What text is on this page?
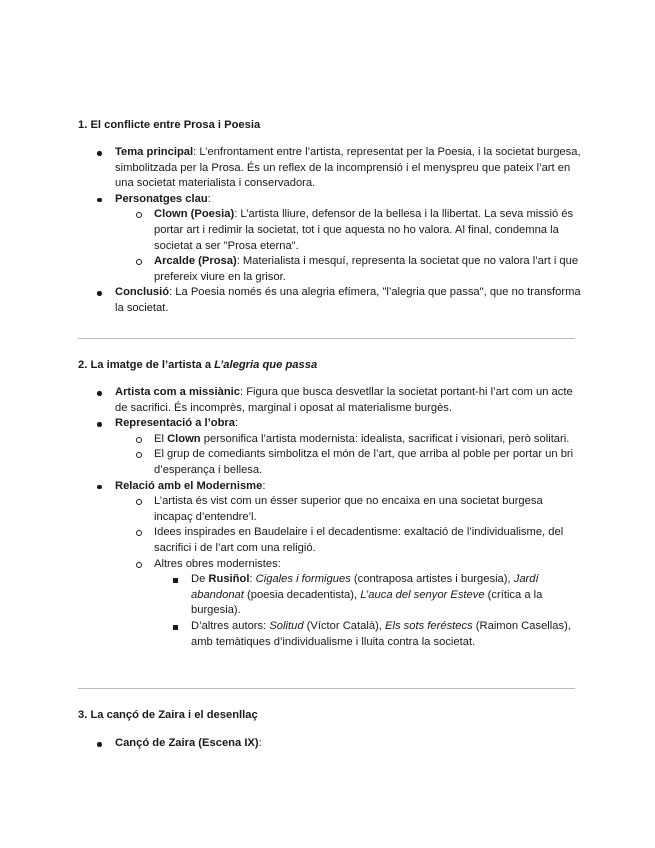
1. El conflicte entre Prosa i Poesia
Tema principal: L’enfrontament entre l’artista, representat per la Poesia, i la societat burgesa, simbolitzada per la Prosa. És un reflex de la incomprensió i el menyspreu que pateix l’art en una societat materialista i conservadora.
Personatges clau:
Clown (Poesia): L’artista lliure, defensor de la bellesa i la llibertat. La seva missió és portar art i redimir la societat, tot i que aquesta no ho valora. Al final, condemna la societat a ser "Prosa eterna".
Arcalde (Prosa): Materialista i mesquí, representa la societat que no valora l’art i que prefereix viure en la grisor.
Conclusió: La Poesia només és una alegria efímera, "l’alegria que passa", que no transforma la societat.
2. La imatge de l’artista a L’alegria que passa
Artista com a missiànic: Figura que busca desvetllar la societat portant-hi l’art com un acte de sacrifici. És incomprès, marginal i oposat al materialisme burgès.
Representació a l’obra:
El Clown personifica l’artista modernista: idealista, sacrificat i visionari, però solitari.
El grup de comediants simbolitza el món de l’art, que arriba al poble per portar un bri d’esperança i bellesa.
Relació amb el Modernisme:
L’artista és vist com un ésser superior que no encaixa en una societat burgesa incapaç d’entendre’l.
Idees inspirades en Baudelaire i el decadentisme: exaltació de l’individualisme, del sacrifici i de l’art com una religió.
Altres obres modernistes:
De Rusiñol: Cigales i formigues (contraposa artistes i burgesia), Jardí abandonat (poesia decadentista), L’auca del senyor Esteve (crítica a la burgesia).
D’altres autors: Solitud (Víctor Català), Els sots feréstecs (Raimon Casellas), amb temàtiques d’individualisme i lluita contra la societat.
3. La cançó de Zaira i el desenllaç
Cançó de Zaira (Escena IX):
